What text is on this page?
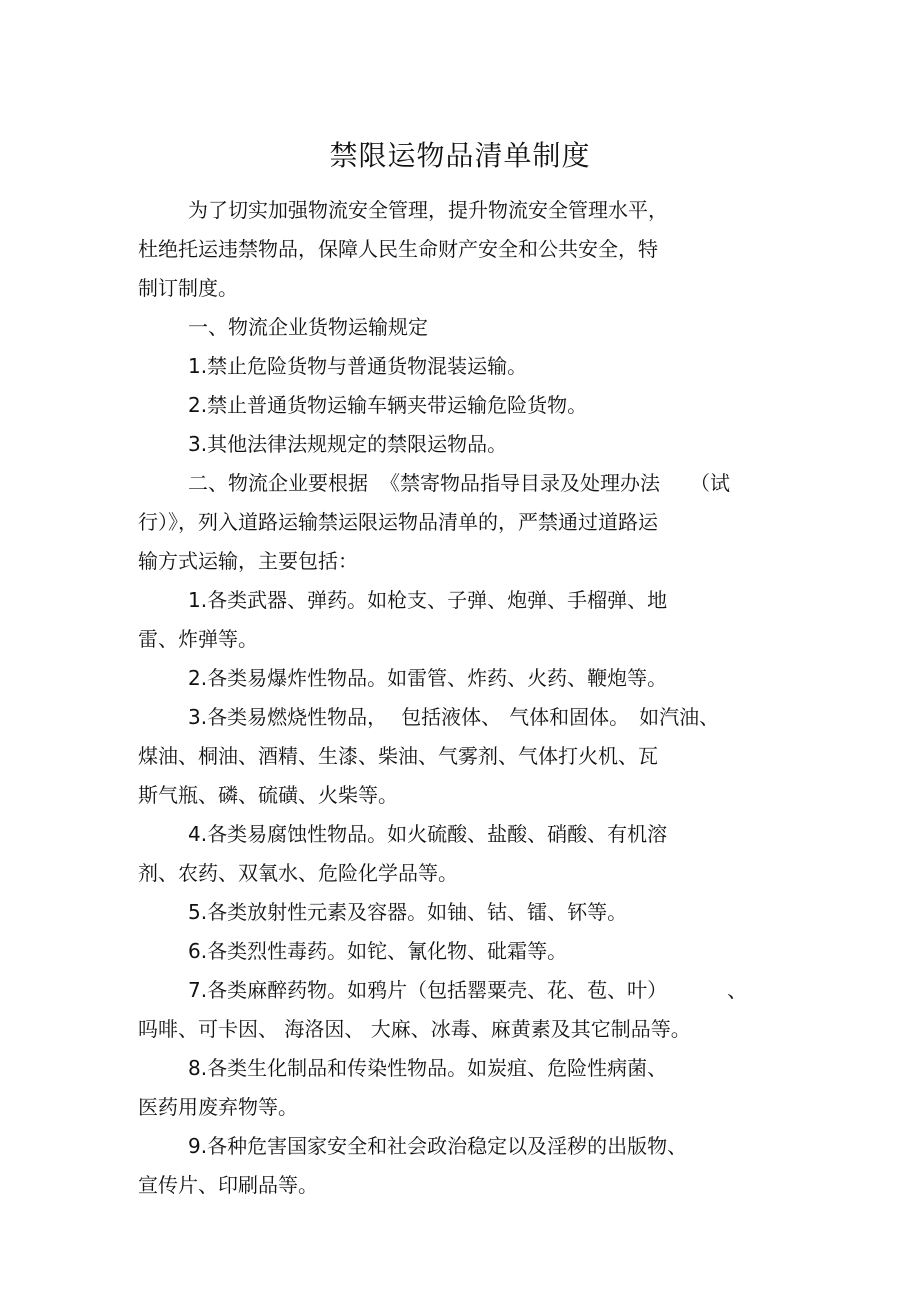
禁限运物品清单制度

为了切实加强物流安全管理，提升物流安全管理水平，

杜绝托运违禁物品，保障人民生命财产安全和公共安全，特

制订制度。

一、物流企业货物运输规定

1.禁止危险货物与普通货物混装运输。

2.禁止普通货物运输车辆夹带运输危险货物。

3.其他法律法规规定的禁限运物品。

二、物流企业要根据 《禁寄物品指导目录及处理办法 （试

行）》，列入道路运输禁运限运物品清单的，严禁通过道路运

输方式运输，主要包括：

1.各类武器、弹药。如枪支、子弹、炮弹、手榴弹、地

雷、炸弹等。

2.各类易爆炸性物品。如雷管、炸药、火药、鞭炮等。

3.各类易燃烧性物品， 包括液体、 气体和固体。 如汽油、

煤油、桐油、酒精、生漆、柴油、气雾剂、气体打火机、瓦

斯气瓶、磷、硫磺、火柴等。

4.各类易腐蚀性物品。如火硫酸、盐酸、硝酸、有机溶

剂、农药、双氧水、危险化学品等。

5.各类放射性元素及容器。如铀、钴、镭、钚等。

6.各类烈性毒药。如铊、氰化物、砒霜等。

7.各类麻醉药物。如鸦片（包括罂粟壳、花、苞、叶）	、

吗啡、可卡因、 海洛因、 大麻、冰毒、麻黄素及其它制品等。

8.各类生化制品和传染性物品。如炭疽、危险性病菌、

医药用废弃物等。

9.各种危害国家安全和社会政治稳定以及淫秽的出版物、

宣传片、印刷品等。
